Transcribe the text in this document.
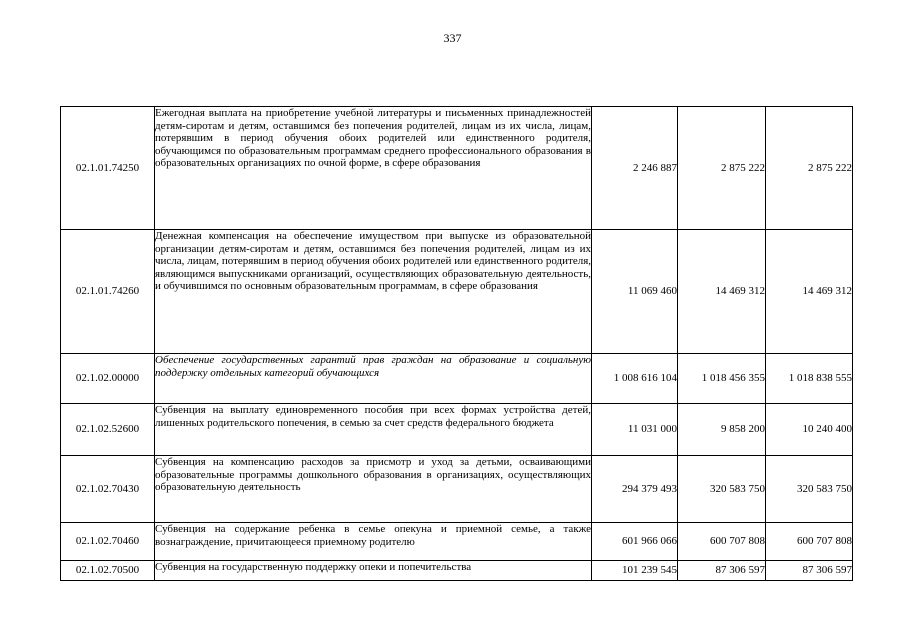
337
02.1.01.74250	Ежегодная выплата на приобретение учебной литературы и письменных принадлежностей детям-сиротам и детям, оставшимся без попечения родителей, лицам из их числа, лицам, потерявшим в период обучения обоих родителей или единственного родителя, обучающимся по образовательным программам среднего профессионального образования в образовательных организациях по очной форме, в сфере образования	2 246 887	2 875 222	2 875 222
02.1.01.74260	Денежная компенсация на обеспечение имуществом при выпуске из образовательной организации детям-сиротам и детям, оставшимся без попечения родителей, лицам из их числа, лицам, потерявшим в период обучения обоих родителей или единственного родителя, являющимся выпускниками организаций, осуществляющих образовательную деятельность, и обучившимся по основным образовательным программам, в сфере образования	11 069 460	14 469 312	14 469 312
02.1.02.00000	Обеспечение государственных гарантий прав граждан на образование и социальную поддержку отдельных категорий обучающихся	1 008 616 104	1 018 456 355	1 018 838 555
02.1.02.52600	Субвенция на выплату единовременного пособия при всех формах устройства детей, лишенных родительского попечения, в семью за счет средств федерального бюджета	11 031 000	9 858 200	10 240 400
02.1.02.70430	Субвенция на компенсацию расходов за присмотр и уход за детьми, осваивающими образовательные программы дошкольного образования в организациях, осуществляющих образовательную деятельность	294 379 493	320 583 750	320 583 750
02.1.02.70460	Субвенция на содержание ребенка в семье опекуна и приемной семье, а также вознаграждение, причитающееся приемному родителю	601 966 066	600 707 808	600 707 808
02.1.02.70500	Субвенция на государственную поддержку опеки и попечительства	101 239 545	87 306 597	87 306 597
